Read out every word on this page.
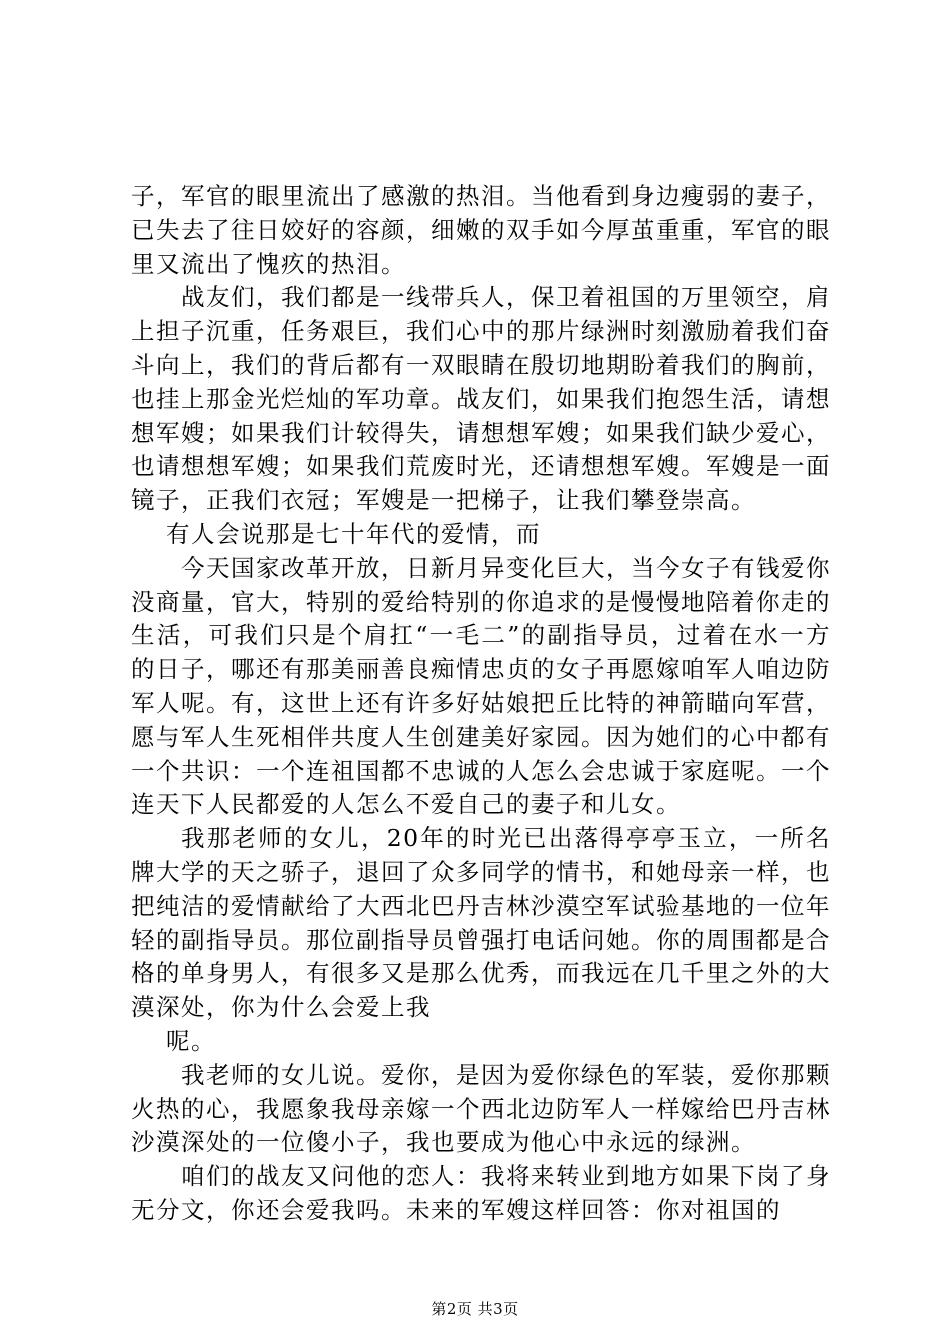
子，军官的眼里流出了感激的热泪。当他看到身边瘦弱的妻子，已失去了往日姣好的容颜，细嫩的双手如今厚茧重重，军官的眼里又流出了愧疚的热泪。

战友们，我们都是一线带兵人，保卫着祖国的万里领空，肩上担子沉重，任务艰巨，我们心中的那片绿洲时刻激励着我们奋斗向上，我们的背后都有一双眼睛在殷切地期盼着我们的胸前，也挂上那金光烂灿的军功章。战友们，如果我们抱怨生活，请想想军嫂；如果我们计较得失，请想想军嫂；如果我们缺少爱心，也请想想军嫂；如果我们荒废时光，还请想想军嫂。军嫂是一面镜子，正我们衣冠；军嫂是一把梯子，让我们攀登崇高。

有人会说那是七十年代的爱情，而

今天国家改革开放，日新月异变化巨大，当今女子有钱爱你没商量，官大，特别的爱给特别的你追求的是慢慢地陪着你走的生活，可我们只是个肩扛“一毛二”的副指导员，过着在水一方的日子，哪还有那美丽善良痴情忠贞的女子再愿嫁咱军人咱边防军人呢。有，这世上还有许多好姑娘把丘比特的神箭瞄向军营，愿与军人生死相伴共度人生创建美好家园。因为她们的心中都有一个共识：一个连祖国都不忠诚的人怎么会忠诚于家庭呢。一个连天下人民都爱的人怎么不爱自己的妻子和儿女。

我那老师的女儿，20年的时光已出落得亭亭玉立，一所名牌大学的天之骄子，退回了众多同学的情书，和她母亲一样，也把纯洁的爱情献给了大西北巴丹吉林沙漠空军试验基地的一位年轻的副指导员。那位副指导员曾强打电话问她。你的周围都是合格的单身男人，有很多又是那么优秀，而我远在几千里之外的大漠深处，你为什么会爱上我

呢。

我老师的女儿说。爱你，是因为爱你绿色的军装，爱你那颗火热的心，我愿象我母亲嫁一个西北边防军人一样嫁给巴丹吉林沙漠深处的一位傻小子，我也要成为他心中永远的绿洲。

咱们的战友又问他的恋人：我将来转业到地方如果下岗了身无分文，你还会爱我吗。未来的军嫂这样回答：你对祖国的

第2页 共3页
